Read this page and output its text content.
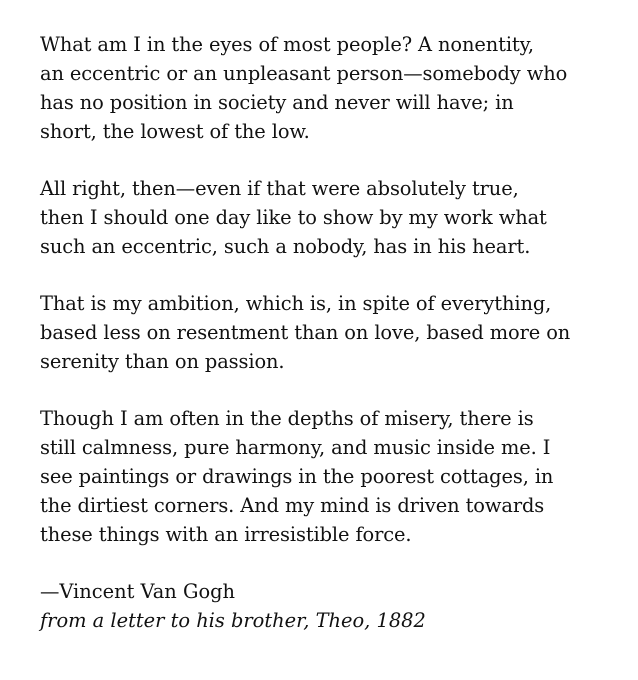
What am I in the eyes of most people? A nonentity,
an eccentric or an unpleasant person—somebody who
has no position in society and never will have; in
short, the lowest of the low.
All right, then—even if that were absolutely true,
then I should one day like to show by my work what
such an eccentric, such a nobody, has in his heart.
That is my ambition, which is, in spite of everything,
based less on resentment than on love, based more on
serenity than on passion.
Though I am often in the depths of misery, there is
still calmness, pure harmony, and music inside me. I
see paintings or drawings in the poorest cottages, in
the dirtiest corners. And my mind is driven towards
these things with an irresistible force.
—Vincent Van Gogh
from a letter to his brother, Theo, 1882
